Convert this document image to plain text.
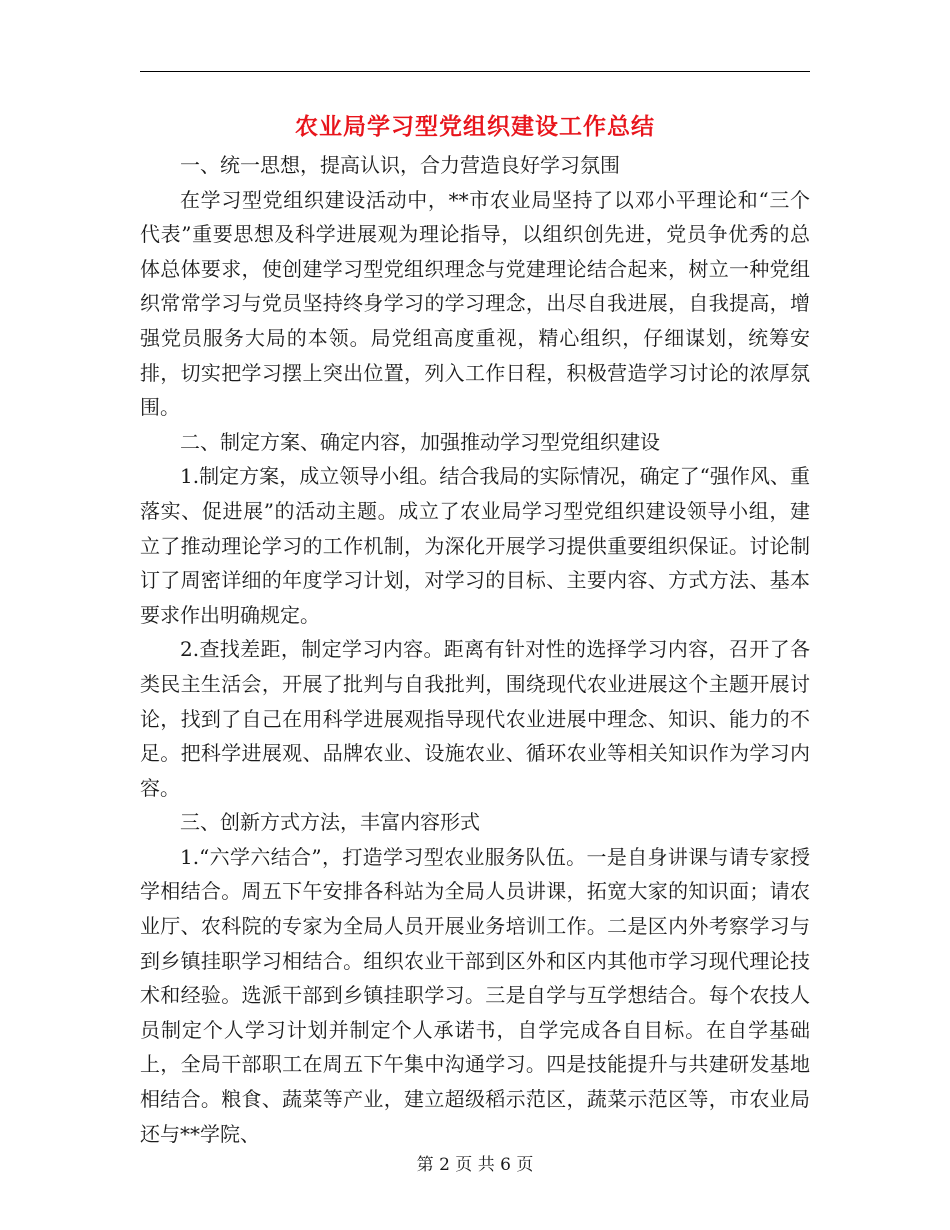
农业局学习型党组织建设工作总结

一、统一思想，提高认识，合力营造良好学习氛围

在学习型党组织建设活动中，**市农业局坚持了以邓小平理论和“三个代表”重要思想及科学进展观为理论指导，以组织创先进，党员争优秀的总体总体要求，使创建学习型党组织理念与党建理论结合起来，树立一种党组织常常学习与党员坚持终身学习的学习理念，出尽自我进展，自我提高，增强党员服务大局的本领。局党组高度重视，精心组织，仔细谋划，统筹安排，切实把学习摆上突出位置，列入工作日程，积极营造学习讨论的浓厚氛围。

二、制定方案、确定内容，加强推动学习型党组织建设

1.制定方案，成立领导小组。结合我局的实际情况，确定了“强作风、重落实、促进展”的活动主题。成立了农业局学习型党组织建设领导小组，建立了推动理论学习的工作机制，为深化开展学习提供重要组织保证。讨论制订了周密详细的年度学习计划，对学习的目标、主要内容、方式方法、基本要求作出明确规定。

2.查找差距，制定学习内容。距离有针对性的选择学习内容，召开了各类民主生活会，开展了批判与自我批判，围绕现代农业进展这个主题开展讨论，找到了自己在用科学进展观指导现代农业进展中理念、知识、能力的不足。把科学进展观、品牌农业、设施农业、循环农业等相关知识作为学习内容。

三、创新方式方法，丰富内容形式

1.“六学六结合”，打造学习型农业服务队伍。一是自身讲课与请专家授学相结合。周五下午安排各科站为全局人员讲课，拓宽大家的知识面；请农业厅、农科院的专家为全局人员开展业务培训工作。二是区内外考察学习与到乡镇挂职学习相结合。组织农业干部到区外和区内其他市学习现代理论技术和经验。选派干部到乡镇挂职学习。三是自学与互学想结合。每个农技人员制定个人学习计划并制定个人承诺书，自学完成各自目标。在自学基础上，全局干部职工在周五下午集中沟通学习。四是技能提升与共建研发基地相结合。粮食、蔬菜等产业，建立超级稻示范区，蔬菜示范区等，市农业局还与**学院、

第 2 页 共 6 页
